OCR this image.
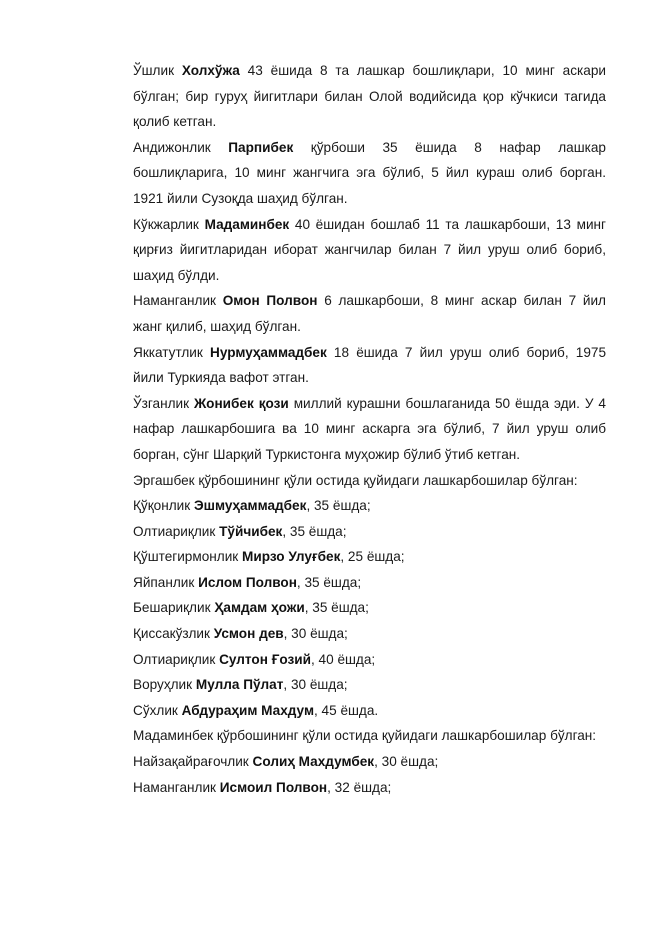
Ўшлик Холхўжа 43 ёшида 8 та лашкар бошлиқлари, 10 минг аскари бўлган; бир гуруҳ йигитлари билан Олой водийсида қор кўчкиси тагида қолиб кетган.

Андижонлик Парпибек қўрбоши 35 ёшида 8 нафар лашкар бошлиқларига, 10 минг жангчига эга бўлиб, 5 йил кураш олиб борган. 1921 йили Сузоқда шаҳид бўлган.

Кўкжарлик Мадаминбек 40 ёшидан бошлаб 11 та лашкарбоши, 13 минг қирғиз йигитларидан иборат жангчилар билан 7 йил уруш олиб бориб, шаҳид бўлди.

Наманганлик Омон Полвон 6 лашкарбоши, 8 минг аскар билан 7 йил жанг қилиб, шаҳид бўлган.

Яккатутлик Нурмуҳаммадбек 18 ёшида 7 йил уруш олиб бориб, 1975 йили Туркияда вафот этган.

Ўзганлик Жонибек қози миллий курашни бошлаганида 50 ёшда эди. У 4 нафар лашкарбошига ва 10 минг аскарга эга бўлиб, 7 йил уруш олиб борган, сўнг Шарқий Туркистонга муҳожир бўлиб ўтиб кетган.

Эргашбек қўрбошининг қўли остида қуйидаги лашкарбошилар бўлган:

Қўқонлик Эшмуҳаммадбек, 35 ёшда;

Олтиариқлик Тўйчибек, 35 ёшда;

Қўштегирмонлик Мирзо Улуғбек, 25 ёшда;

Яйпанлик Ислом Полвон, 35 ёшда;

Бешариқлик Ҳамдам ҳожи, 35 ёшда;

Қиссакўзлик Усмон дев, 30 ёшда;

Олтиариқлик Султон Ғозий, 40 ёшда;

Воруҳлик Мулла Пўлат, 30 ёшда;

Сўхлик Абдураҳим Махдум, 45 ёшда.

Мадаминбек қўрбошининг қўли остида қуйидаги лашкарбошилар бўлган:

Найзақайрағочлик Солиҳ Махдумбек, 30 ёшда;

Наманганлик Исмоил Полвон, 32 ёшда;
